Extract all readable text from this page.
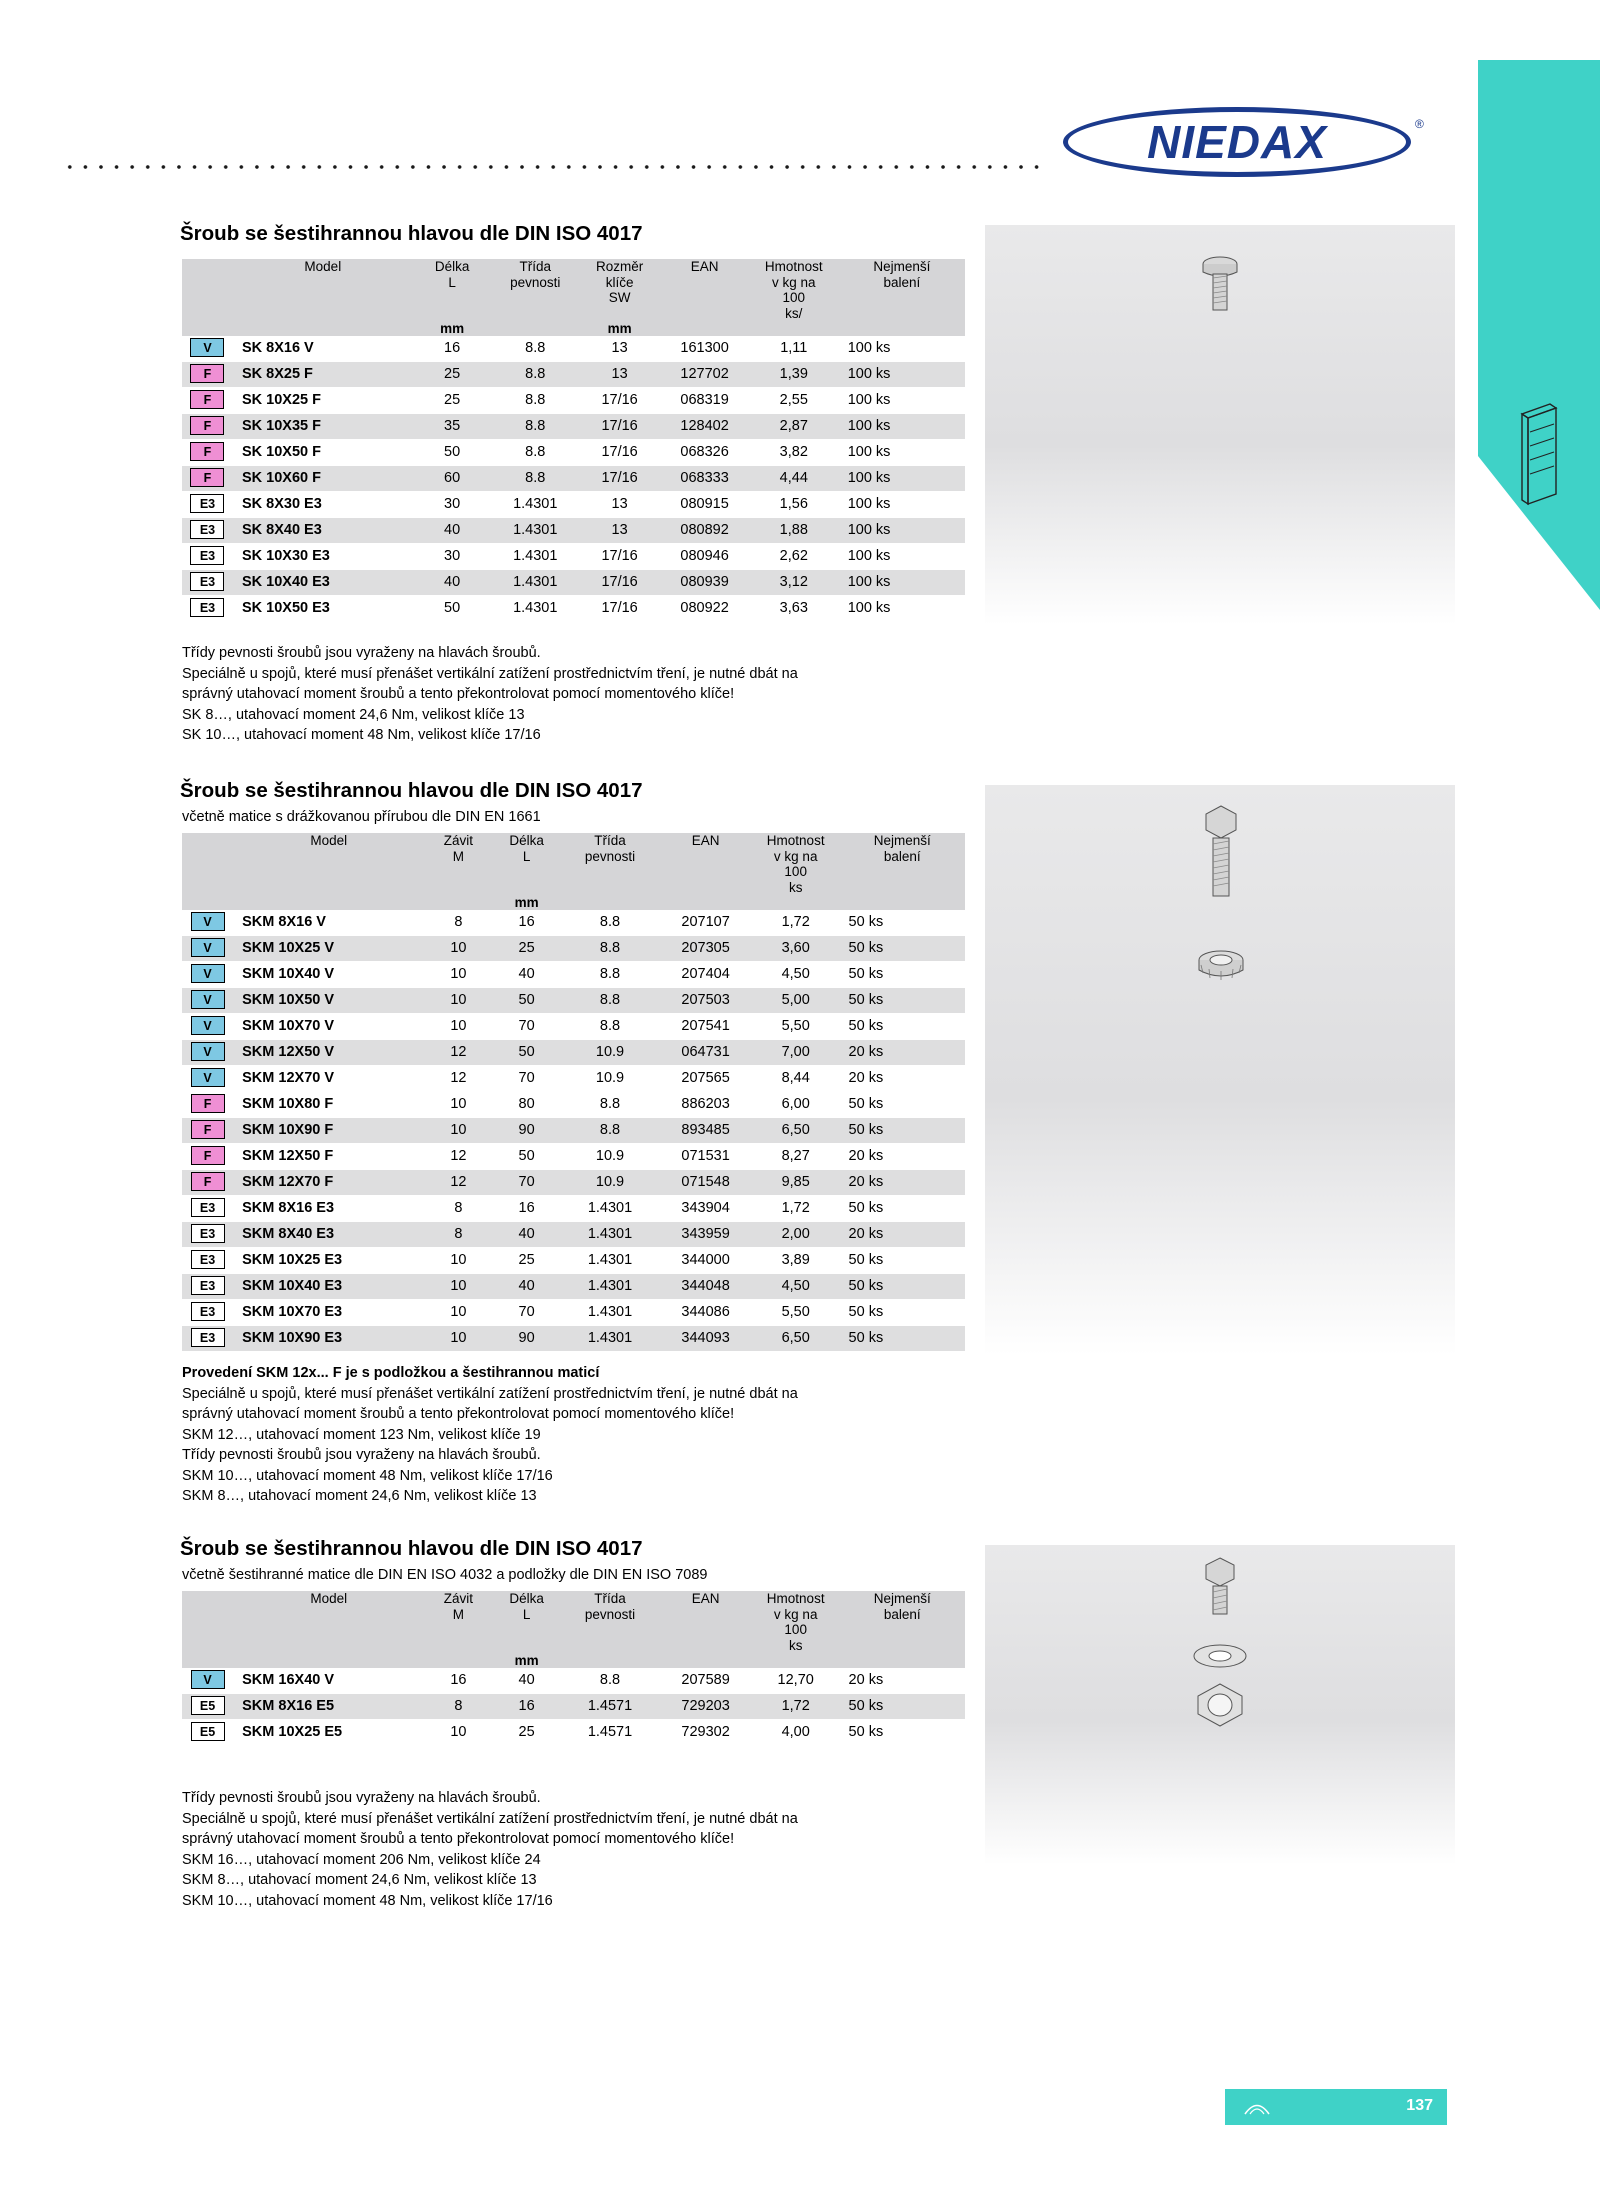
NIEDAX	®
Šroub se šestihrannou hlavou dle DIN ISO 4017
	Model	Délka
L

Třída
pevnosti

Rozměr
klíče
SW
	EAN	Hmotnost
v kg na
100
ks/

Nejmenší
balení

		mm		mm			
V	SK 8X16 V	16	8.8	13	161300	1,11	100 ks
F	SK 8X25 F	25	8.8	13	127702	1,39	100 ks
F	SK 10X25 F	25	8.8	17/16	068319	2,55	100 ks
F	SK 10X35 F	35	8.8	17/16	128402	2,87	100 ks
F	SK 10X50 F	50	8.8	17/16	068326	3,82	100 ks
F	SK 10X60 F	60	8.8	17/16	068333	4,44	100 ks
E3	SK 8X30 E3	30	1.4301	13	080915	1,56	100 ks
E3	SK 8X40 E3	40	1.4301	13	080892	1,88	100 ks
E3	SK 10X30 E3	30	1.4301	17/16	080946	2,62	100 ks
E3	SK 10X40 E3	40	1.4301	17/16	080939	3,12	100 ks
E3	SK 10X50 E3	50	1.4301	17/16	080922	3,63	100 ks
Třídy pevnosti šroubů jsou vyraženy na hlavách šroubů.
Speciálně u spojů, které musí přenášet vertikální zatížení prostřednictvím tření, je nutné dbát na
správný utahovací moment šroubů a tento překontrolovat pomocí momentového klíče!
SK 8…, utahovací moment 24,6 Nm, velikost klíče 13
SK 10…, utahovací moment 48 Nm, velikost klíče 17/16
Šroub se šestihrannou hlavou dle DIN ISO 4017
včetně matice s drážkovanou přírubou dle DIN EN 1661
	Model	Závit
M

Délka
L

Třída
pevnosti
	EAN	Hmotnost
v kg na
100
ks

Nejmenší
balení

			mm				
V	SKM 8X16 V	8	16	8.8	207107	1,72	50 ks
V	SKM 10X25 V	10	25	8.8	207305	3,60	50 ks
V	SKM 10X40 V	10	40	8.8	207404	4,50	50 ks
V	SKM 10X50 V	10	50	8.8	207503	5,00	50 ks
V	SKM 10X70 V	10	70	8.8	207541	5,50	50 ks
V	SKM 12X50 V	12	50	10.9	064731	7,00	20 ks
V	SKM 12X70 V	12	70	10.9	207565	8,44	20 ks
F	SKM 10X80 F	10	80	8.8	886203	6,00	50 ks
F	SKM 10X90 F	10	90	8.8	893485	6,50	50 ks
F	SKM 12X50 F	12	50	10.9	071531	8,27	20 ks
F	SKM 12X70 F	12	70	10.9	071548	9,85	20 ks
E3	SKM 8X16 E3	8	16	1.4301	343904	1,72	50 ks
E3	SKM 8X40 E3	8	40	1.4301	343959	2,00	20 ks
E3	SKM 10X25 E3	10	25	1.4301	344000	3,89	50 ks
E3	SKM 10X40 E3	10	40	1.4301	344048	4,50	50 ks
E3	SKM 10X70 E3	10	70	1.4301	344086	5,50	50 ks
E3	SKM 10X90 E3	10	90	1.4301	344093	6,50	50 ks
Provedení SKM 12x... F je s podložkou a šestihrannou maticí
Speciálně u spojů, které musí přenášet vertikální zatížení prostřednictvím tření, je nutné dbát na
správný utahovací moment šroubů a tento překontrolovat pomocí momentového klíče!
SKM 12…, utahovací moment 123 Nm, velikost klíče 19
Třídy pevnosti šroubů jsou vyraženy na hlavách šroubů.
SKM 10…, utahovací moment 48 Nm, velikost klíče 17/16
SKM 8…, utahovací moment 24,6 Nm, velikost klíče 13
Šroub se šestihrannou hlavou dle DIN ISO 4017
včetně šestihranné matice dle DIN EN ISO 4032 a podložky dle DIN EN ISO 7089
	Model	Závit
M

Délka
L

Třída
pevnosti
	EAN	Hmotnost
v kg na
100
ks

Nejmenší
balení

			mm				
V	SKM 16X40 V	16	40	8.8	207589	12,70	20 ks
E5	SKM 8X16 E5	8	16	1.4571	729203	1,72	50 ks
E5	SKM 10X25 E5	10	25	1.4571	729302	4,00	50 ks
Třídy pevnosti šroubů jsou vyraženy na hlavách šroubů.
Speciálně u spojů, které musí přenášet vertikální zatížení prostřednictvím tření, je nutné dbát na
správný utahovací moment šroubů a tento překontrolovat pomocí momentového klíče!
SKM 16…, utahovací moment 206 Nm, velikost klíče 24
SKM 8…, utahovací moment 24,6 Nm, velikost klíče 13
SKM 10…, utahovací moment 48 Nm, velikost klíče 17/16
137
